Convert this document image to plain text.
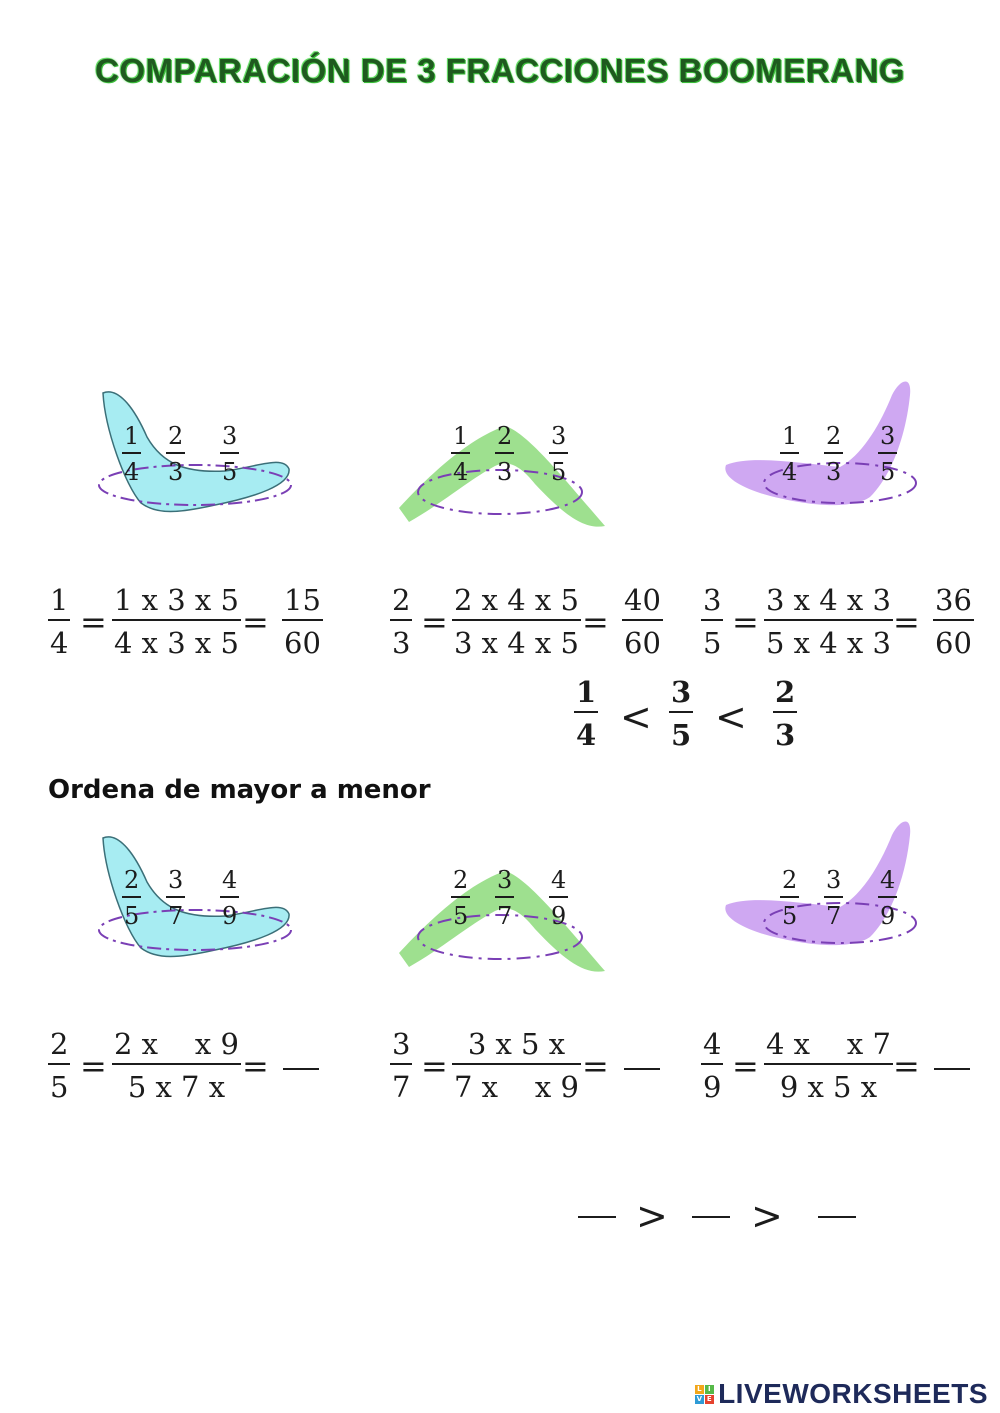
COMPARACIÓN DE 3 FRACCIONES BOOMERANG
1
4
2
3
3
5
1
4
2
3
3
5
1
4
2
3
3
5
1
4
=
1 x 3 x 5
4 x 3 x 5
=
15
60
2
3
=
2 x 4 x 5
3 x 4 x 5
=
40
60
3
5
=
3 x 4 x 3
5 x 4 x 3
=
36
60
1
4 <
3
5 <
2
3
Ordena de mayor a menor
2
5
3
7
4
9
2
5
3
7
4
9
2
5
3
7
4
9
2
5
=
2 x    x 9
5 x 7 x
=
3
7
=
3 x 5 x
7 x    x 9
=
4
9
=
4 x    x 7
9 x 5 x
=
> >
L I
V E LIVEWORKSHEETS
